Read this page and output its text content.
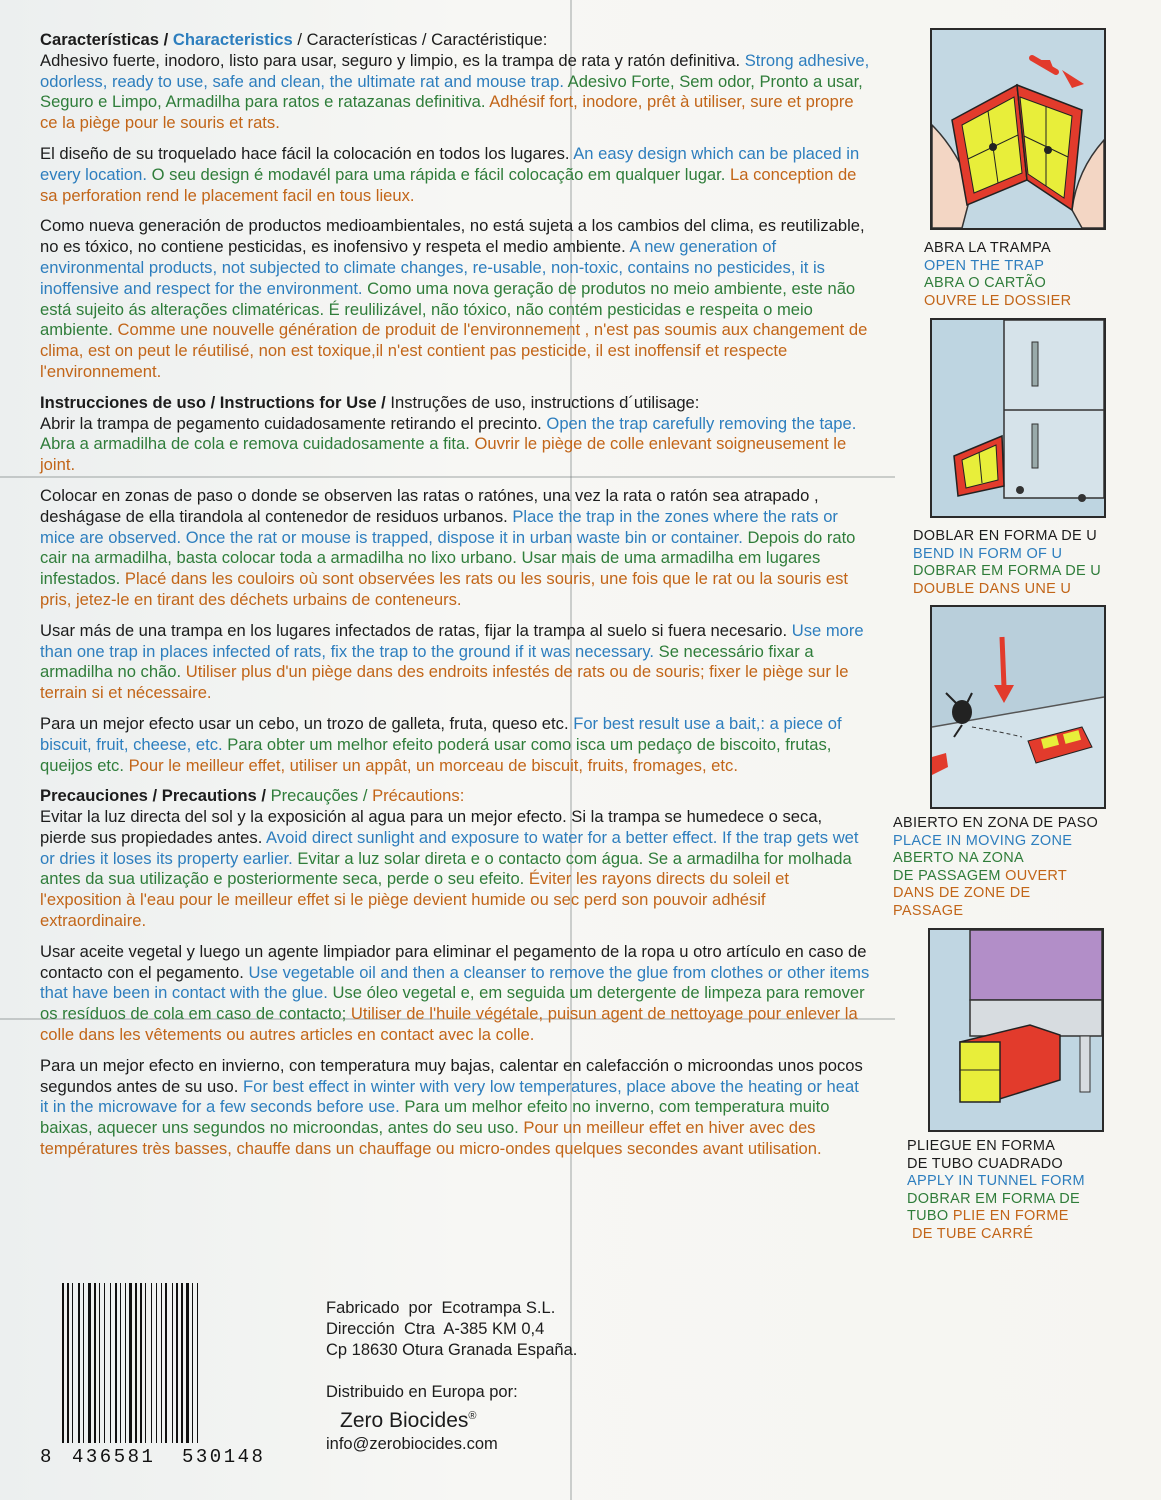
Características / Characteristics / Características / Caractéristique:
Adhesivo fuerte, inodoro, listo para usar, seguro y limpio, es la trampa de rata y ratón definitiva. Strong adhesive, odorless, ready to use, safe and clean, the ultimate rat and mouse trap. Adesivo Forte, Sem odor, Pronto a usar, Seguro e Limpo, Armadilha para ratos e ratazanas definitiva. Adhésif fort, inodore, prêt à utiliser, sure et propre ce la piège pour le souris et rats.

El diseño de su troquelado hace fácil la colocación en todos los lugares. An easy design which can be placed in every location. O seu design é modavél para uma rápida e fácil colocação em qualquer lugar. La conception de sa perforation rend le placement facil en tous lieux.

Como nueva generación de productos medioambientales, no está sujeta a los cambios del clima, es reutilizable, no es tóxico, no contiene pesticidas, es inofensivo y respeta el medio ambiente. A new generation of environmental products, not subjected to climate changes, re-usable, non-toxic, contains no pesticides, it is inoffensive and respect for the environment. Como uma nova geração de produtos no meio ambiente, este não está sujeito ás alterações climatéricas. É reulilizável, não tóxico, não contém pesticidas e respeita o meio ambiente. Comme une nouvelle génération de produit de l'environnement , n'est pas soumis aux changement de clima, est on peut le réutilisé, non est toxique,il n'est contient pas pesticide, il est inoffensif et respecte l'environnement.

Instrucciones de uso / Instructions for Use / Instruções de uso, instructions d´utilisage:
Abrir la trampa de pegamento cuidadosamente retirando el precinto. Open the trap carefully removing the tape. Abra a armadilha de cola e remova cuidadosamente a fita. Ouvrir le piège de colle enlevant soigneusement le joint.

Colocar en zonas de paso o donde se observen las ratas o ratónes, una vez la rata o ratón sea atrapado , deshágase de ella tirandola al contenedor de residuos urbanos. Place the trap in the zones where the rats or mice are observed. Once the rat or mouse is trapped, dispose it in urban waste bin or container. Depois do rato cair na armadilha, basta colocar toda a armadilha no lixo urbano. Usar mais de uma armadilha em lugares infestados. Placé dans les couloirs où sont observées les rats ou les souris, une fois que le rat ou la souris est pris, jetez-le en tirant des déchets urbains de conteneurs.

Usar más de una trampa en los lugares infectados de ratas, fijar la trampa al suelo si fuera necesario. Use more than one trap in places infected of rats, fix the trap to the ground if it was necessary. Se necessário fixar a armadilha no chão. Utiliser plus d'un piège dans des endroits infestés de rats ou de souris; fixer le piège sur le terrain si et nécessaire.

Para un mejor efecto usar un cebo, un trozo de galleta, fruta, queso etc. For best result use a bait,: a piece of biscuit, fruit, cheese, etc. Para obter um melhor efeito poderá usar como isca um pedaço de biscoito, frutas, queijos etc. Pour le meilleur effet, utiliser un appât, un morceau de biscuit, fruits, fromages, etc.

Precauciones / Precautions / Precauções / Précautions:
Evitar la luz directa del sol y la exposición al agua para un mejor efecto. Si la trampa se humedece o seca, pierde sus propiedades antes. Avoid direct sunlight and exposure to water for a better effect. If the trap gets wet or dries it loses its property earlier. Evitar a luz solar direta e o contacto com água. Se a armadilha for molhada antes da sua utilização e posteriormente seca, perde o seu efeito. Éviter les rayons directs du soleil et l'exposition à l'eau pour le meilleur effet si le piège devient humide ou sec perd son pouvoir adhésif extraordinaire.

Usar aceite vegetal y luego un agente limpiador para eliminar el pegamento de la ropa u otro artículo en caso de contacto con el pegamento. Use vegetable oil and then a cleanser to remove the glue from clothes or other items that have been in contact with the glue. Use óleo vegetal e, em seguida um detergente de limpeza para remover os resíduos de cola em caso de contacto; Utiliser de l'huile végétale, puisun agent de nettoyage pour enlever la colle dans les vêtements ou autres articles en contact avec la colle.

Para un mejor efecto en invierno, con temperatura muy bajas, calentar en calefacción o microondas unos pocos segundos antes de su uso. For best effect in winter with very low temperatures, place above the heating or heat it in the microwave for a few seconds before use. Para um melhor efeito no inverno, com temperatura muito baixas, aquecer uns segundos no microondas, antes do seu uso. Pour un meilleur effet en hiver avec des températures très basses, chauffe dans un chauffage ou micro-ondes quelques secondes avant utilisation.

ABRA LA TRAMPA
OPEN THE TRAP
ABRA O CARTÃO
OUVRE LE DOSSIER
DOBLAR EN FORMA DE U
BEND IN FORM OF U
DOBRAR EM FORMA DE U
DOUBLE DANS UNE U
ABIERTO EN ZONA DE PASO
PLACE IN MOVING ZONE
ABERTO NA ZONA
DE PASSAGEM OUVERT
DANS DE ZONE DE
PASSAGE
PLIEGUE EN FORMA
DE TUBO CUADRADO
APPLY IN TUNNEL FORM
DOBRAR EM FORMA DE
TUBO PLIE EN FORME
DE TUBE CARRÉ
8 436581 530148
Fabricado  por  Ecotrampa S.L.
Dirección  Ctra  A-385 KM 0,4
Cp 18630 Otura Granada España.
Distribuido en Europa por:
Zero Biocides®
info@zerobiocides.com
